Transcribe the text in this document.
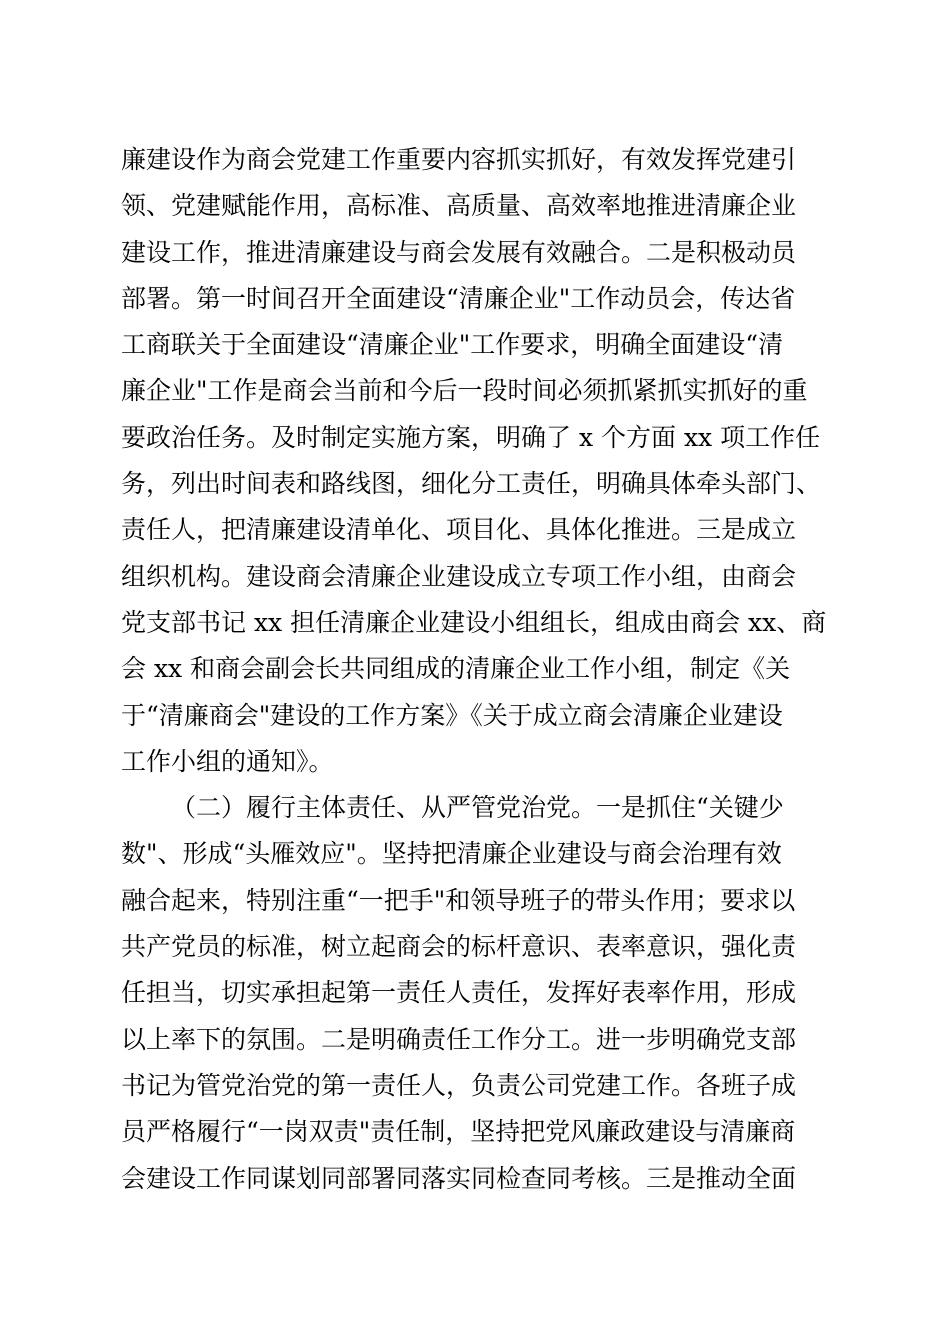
廉建设作为商会党建工作重要内容抓实抓好，有效发挥党建引
领、党建赋能作用，高标准、高质量、高效率地推进清廉企业
建设工作，推进清廉建设与商会发展有效融合。二是积极动员
部署。第一时间召开全面建设“清廉企业"工作动员会，传达省
工商联关于全面建设“清廉企业"工作要求，明确全面建设“清
廉企业"工作是商会当前和今后一段时间必须抓紧抓实抓好的重
要政治任务。及时制定实施方案，明确了 x 个方面 xx 项工作任
务，列出时间表和路线图，细化分工责任，明确具体牵头部门、
责任人，把清廉建设清单化、项目化、具体化推进。三是成立
组织机构。建设商会清廉企业建设成立专项工作小组，由商会
党支部书记 xx 担任清廉企业建设小组组长，组成由商会 xx、商
会 xx 和商会副会长共同组成的清廉企业工作小组，制定《关
于“清廉商会"建设的工作方案》《关于成立商会清廉企业建设
工作小组的通知》。
（二）履行主体责任、从严管党治党。一是抓住“关键少
数"、形成“头雁效应"。坚持把清廉企业建设与商会治理有效
融合起来，特别注重“一把手"和领导班子的带头作用；要求以
共产党员的标准，树立起商会的标杆意识、表率意识，强化责
任担当，切实承担起第一责任人责任，发挥好表率作用，形成
以上率下的氛围。二是明确责任工作分工。进一步明确党支部
书记为管党治党的第一责任人，负责公司党建工作。各班子成
员严格履行“一岗双责"责任制，坚持把党风廉政建设与清廉商
会建设工作同谋划同部署同落实同检查同考核。三是推动全面
